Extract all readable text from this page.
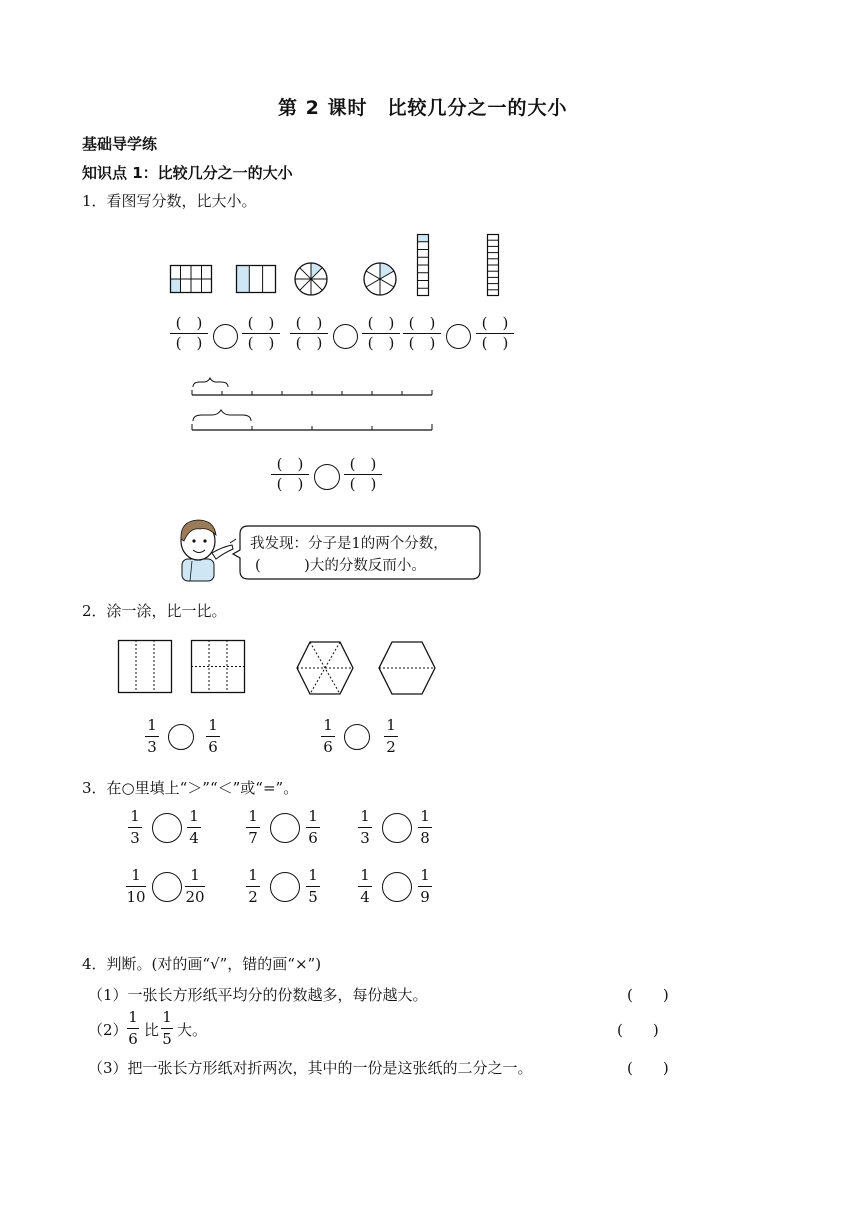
第 2 课时　比较几分之一的大小
基础导学练
知识点 1：比较几分之一的大小
1．看图写分数，比大小。
(　)
(　)
(　)
(　)
(　)
(　)
(　)
(　)
(　)
(　)
(　)
(　)
(　)
(　)
(　)
(　)
我发现：分子是1的两个分数，
(　　　)大的分数反而小。
2．涂一涂，比一比。
1
3
1
6
1
6
1
2
3．在○里填上“＞”“＜”或“=”。
1
3
1
4
1
7
1
6
1
3
1
8
1
10
1
20
1
2
1
5
1
4
1
9
4．判断。(对的画“√”，错的画“×”)
（1）一张长方形纸平均分的份数越多，每份越大。	(　　)
（2）
1
6 比
1
5 大。	(　　)
（3）把一张长方形纸对折两次，其中的一份是这张纸的二分之一。	(　　)
